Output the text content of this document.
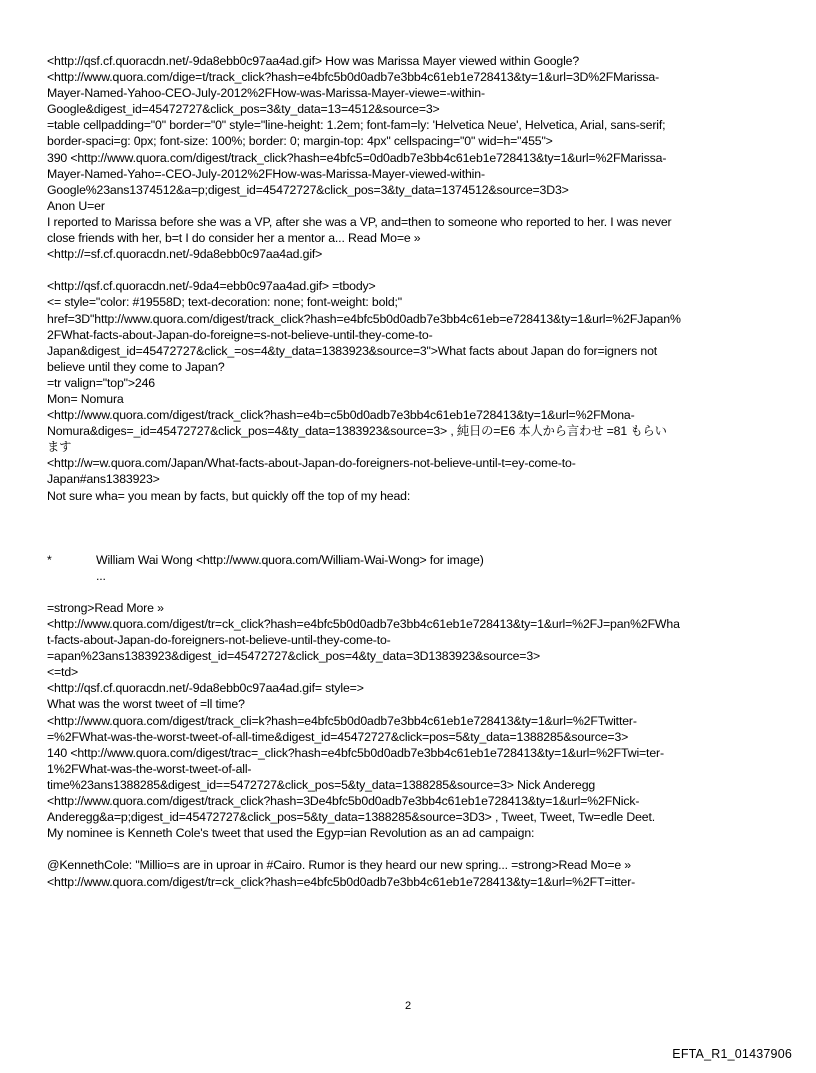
<http://qsf.cf.quoracdn.net/-9da8ebb0c97aa4ad.gif> How was Marissa Mayer viewed within Google?
<http://www.quora.com/dige=t/track_click?hash=e4bfc5b0d0adb7e3bb4c61eb1e728413&ty=1&url=3D%2FMarissa-
Mayer-Named-Yahoo-CEO-July-2012%2FHow-was-Marissa-Mayer-viewe=-within-
Google&digest_id=45472727&click_pos=3&ty_data=13=4512&source=3>
=table cellpadding="0" border="0" style="line-height: 1.2em; font-fam=ly: 'Helvetica Neue', Helvetica, Arial, sans-serif;
border-spaci=g: 0px; font-size: 100%; border: 0; margin-top: 4px" cellspacing="0" wid=h="455">
390 <http://www.quora.com/digest/track_click?hash=e4bfc5=0d0adb7e3bb4c61eb1e728413&ty=1&url=%2FMarissa-
Mayer-Named-Yaho=-CEO-July-2012%2FHow-was-Marissa-Mayer-viewed-within-
Google%23ans1374512&a=p;digest_id=45472727&click_pos=3&ty_data=1374512&source=3D3>
Anon U=er
I reported to Marissa before she was a VP, after she was a VP, and=then to someone who reported to her. I was never
close friends with her, b=t I do consider her a mentor a... Read Mo=e »
<http://=sf.cf.quoracdn.net/-9da8ebb0c97aa4ad.gif>
<http://qsf.cf.quoracdn.net/-9da4=ebb0c97aa4ad.gif> =tbody>
<= style="color: #19558D; text-decoration: none; font-weight: bold;"
href=3D"http://www.quora.com/digest/track_click?hash=e4bfc5b0d0adb7e3bb4c61eb=e728413&ty=1&url=%2FJapan%
2FWhat-facts-about-Japan-do-foreigne=s-not-believe-until-they-come-to-
Japan&digest_id=45472727&click_=os=4&ty_data=1383923&source=3">What facts about Japan do for=igners not
believe until they come to Japan?
=tr valign="top">246
Mon= Nomura
<http://www.quora.com/digest/track_click?hash=e4b=c5b0d0adb7e3bb4c61eb1e728413&ty=1&url=%2FMona-
Nomura&diges=_id=45472727&click_pos=4&ty_data=1383923&source=3> , 純日の=E6 本人から言わせ =81 もらい
ます
<http://w=w.quora.com/Japan/What-facts-about-Japan-do-foreigners-not-believe-until-t=ey-come-to-
Japan#ans1383923>
Not sure wha= you mean by facts, but quickly off the top of my head:
*	William Wai Wong <http://www.quora.com/William-Wai-Wong> for image)
...
=strong>Read More »
<http://www.quora.com/digest/tr=ck_click?hash=e4bfc5b0d0adb7e3bb4c61eb1e728413&ty=1&url=%2FJ=pan%2FWha
t-facts-about-Japan-do-foreigners-not-believe-until-they-come-to-
=apan%23ans1383923&digest_id=45472727&click_pos=4&ty_data=3D1383923&source=3>
<=td>
<http://qsf.cf.quoracdn.net/-9da8ebb0c97aa4ad.gif= style=>
What was the worst tweet of =ll time?
<http://www.quora.com/digest/track_cli=k?hash=e4bfc5b0d0adb7e3bb4c61eb1e728413&ty=1&url=%2FTwitter-
=%2FWhat-was-the-worst-tweet-of-all-time&digest_id=45472727&click=pos=5&ty_data=1388285&source=3>
140 <http://www.quora.com/digest/trac=_click?hash=e4bfc5b0d0adb7e3bb4c61eb1e728413&ty=1&url=%2FTwi=ter-
1%2FWhat-was-the-worst-tweet-of-all-
time%23ans1388285&digest_id==5472727&click_pos=5&ty_data=1388285&source=3> Nick Anderegg
<http://www.quora.com/digest/track_click?hash=3De4bfc5b0d0adb7e3bb4c61eb1e728413&ty=1&url=%2FNick-
Anderegg&a=p;digest_id=45472727&click_pos=5&ty_data=1388285&source=3D3> , Tweet, Tweet, Tw=edle Deet.
My nominee is Kenneth Cole's tweet that used the Egyp=ian Revolution as an ad campaign:
@KennethCole: "Millio=s are in uproar in #Cairo. Rumor is they heard our new spring... =strong>Read Mo=e »
<http://www.quora.com/digest/tr=ck_click?hash=e4bfc5b0d0adb7e3bb4c61eb1e728413&ty=1&url=%2FT=itter-
2
EFTA_R1_01437906
